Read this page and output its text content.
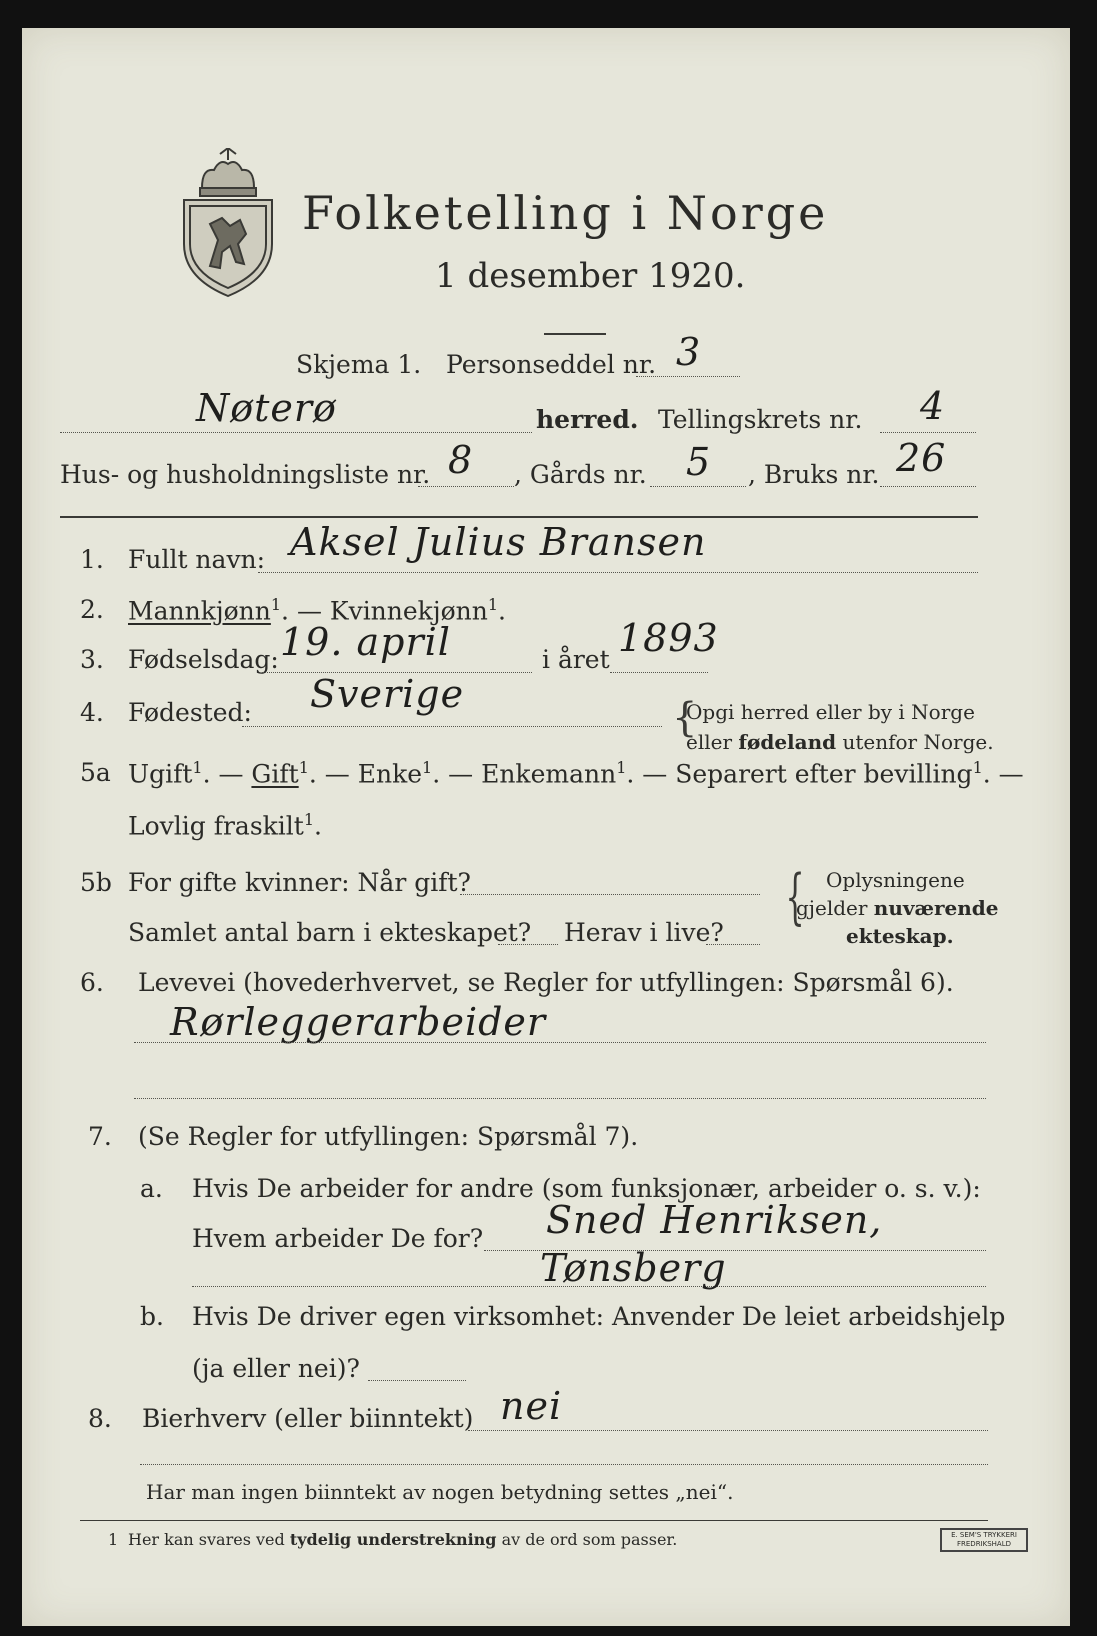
Folketelling i Norge
1 desember 1920.
Skjema 1. Personseddel nr. 3
Nøterø	herred. Tellingskrets nr. 4
Hus- og husholdningsliste nr. 8 , Gårds nr. 5 , Bruks nr. 26
1. Fullt navn: Aksel Julius Bransen
2. Mannkjønn$^1$. — Kvinnekjønn$^1$.
3. Fødselsdag: 19. april	i året 1893
4. Fødested: Sverige
{
Opgi herred eller by i Norge
eller fødeland utenfor Norge.
5a Ugift$^1$. — Gift$^1$. — Enke$^1$. — Enkemann$^1$. — Separert efter bevilling$^1$. —
Lovlig fraskilt$^1$.
5b For gifte kvinner: Når gift?
Samlet antal barn i ekteskapet? Herav i live?
{ Oplysningene
gjelder nuværende
ekteskap.
6. Levevei (hovederhvervet, se Regler for utfyllingen: Spørsmål 6).
Rørleggerarbeider
7. (Se Regler for utfyllingen: Spørsmål 7).
a. Hvis De arbeider for andre (som funksjonær, arbeider o. s. v.):
Hvem arbeider De for? Sned Henriksen,
Tønsberg
b. Hvis De driver egen virksomhet: Anvender De leiet arbeidshjelp
(ja eller nei)?
8. Bierhverv (eller biinntekt) nei
Har man ingen biinntekt av nogen betydning settes „nei“.
1 Her kan svares ved tydelig understrekning av de ord som passer.	E. SEM'S TRYKKERI
FREDRIKSHALD
